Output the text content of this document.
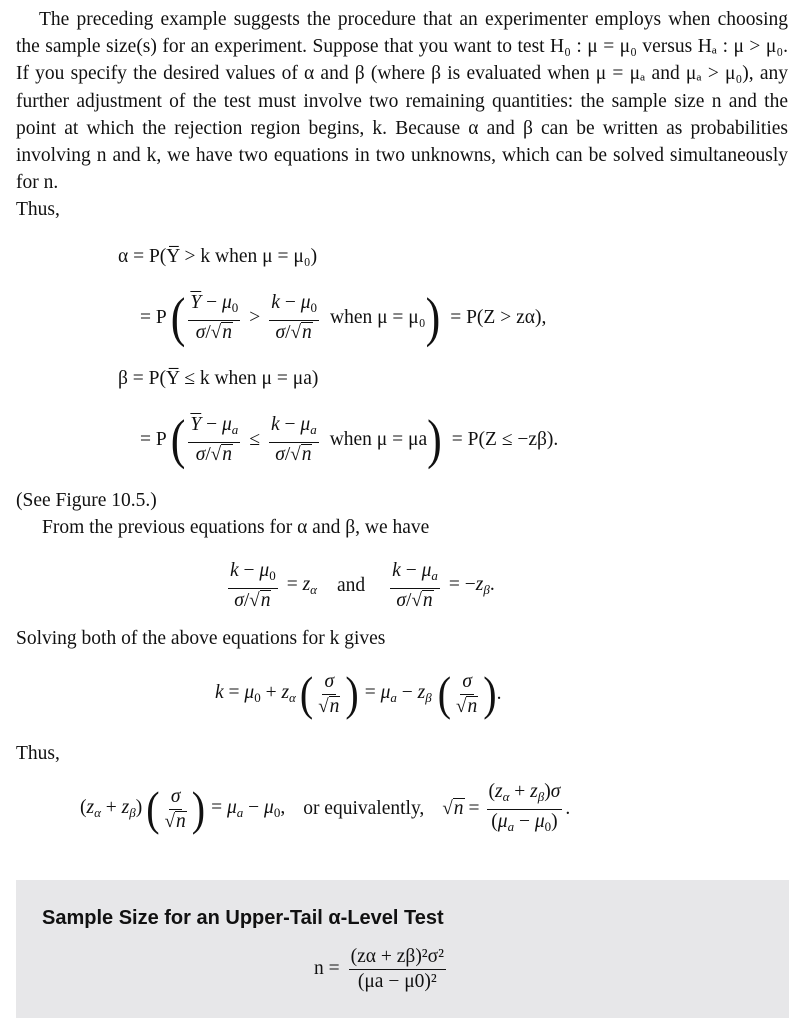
The preceding example suggests the procedure that an experimenter employs when choosing the sample size(s) for an experiment. Suppose that you want to test H₀ : μ = μ₀ versus Hₐ : μ > μ₀. If you specify the desired values of α and β (where β is evaluated when μ = μₐ and μₐ > μ₀), any further adjustment of the test must involve two remaining quantities: the sample size n and the point at which the rejection region begins, k. Because α and β can be written as probabilities involving n and k, we have two equations in two unknowns, which can be solved simultaneously for n.

Thus,

α = P(Y̅ > k when μ = μ₀)
= P ( $\frac{\overline{Y} - \mu_0}{\sigma/ √ n} > \frac{k - \mu_0}{\sigma/ √ n}$ when μ = μ₀ ) = P(Z > zα),
β = P(Y̅ ≤ k when μ = μa)
= P ( $\frac{\overline{Y} - \mu_a}{\sigma/ √ n} \le \frac{k - \mu_a}{\sigma/ √ n}$ when μ = μa ) = P(Z ≤ −zβ).
(See Figure 10.5.)
From the previous equations for α and β, we have
$\frac{k - \mu_0}{\sigma/ √ n} = z_\alpha$ and $\frac{k - \mu_a}{\sigma/ √ n} = -z_\beta$.
Solving both of the above equations for k gives
$k = \mu_0 + z_\alpha$ ( $\frac{\sigma}{√ n}$ ) = $\mu_a - z_\beta$ ( $\frac{\sigma}{√ n}$ ) .
Thus,
$(z_\alpha + z_\beta)$ ( $\frac{\sigma}{√ n}$ ) = $\mu_a - \mu_0$, or equivalently, √ $n = \frac{(z_\alpha + z_\beta)\sigma}{(\mu_a - \mu_0)}$ .
Sample Size for an Upper-Tail α-Level Test
$n = \frac{\text{(zα + zβ)²σ²}}{\text{(μa − μ0)²}}$
